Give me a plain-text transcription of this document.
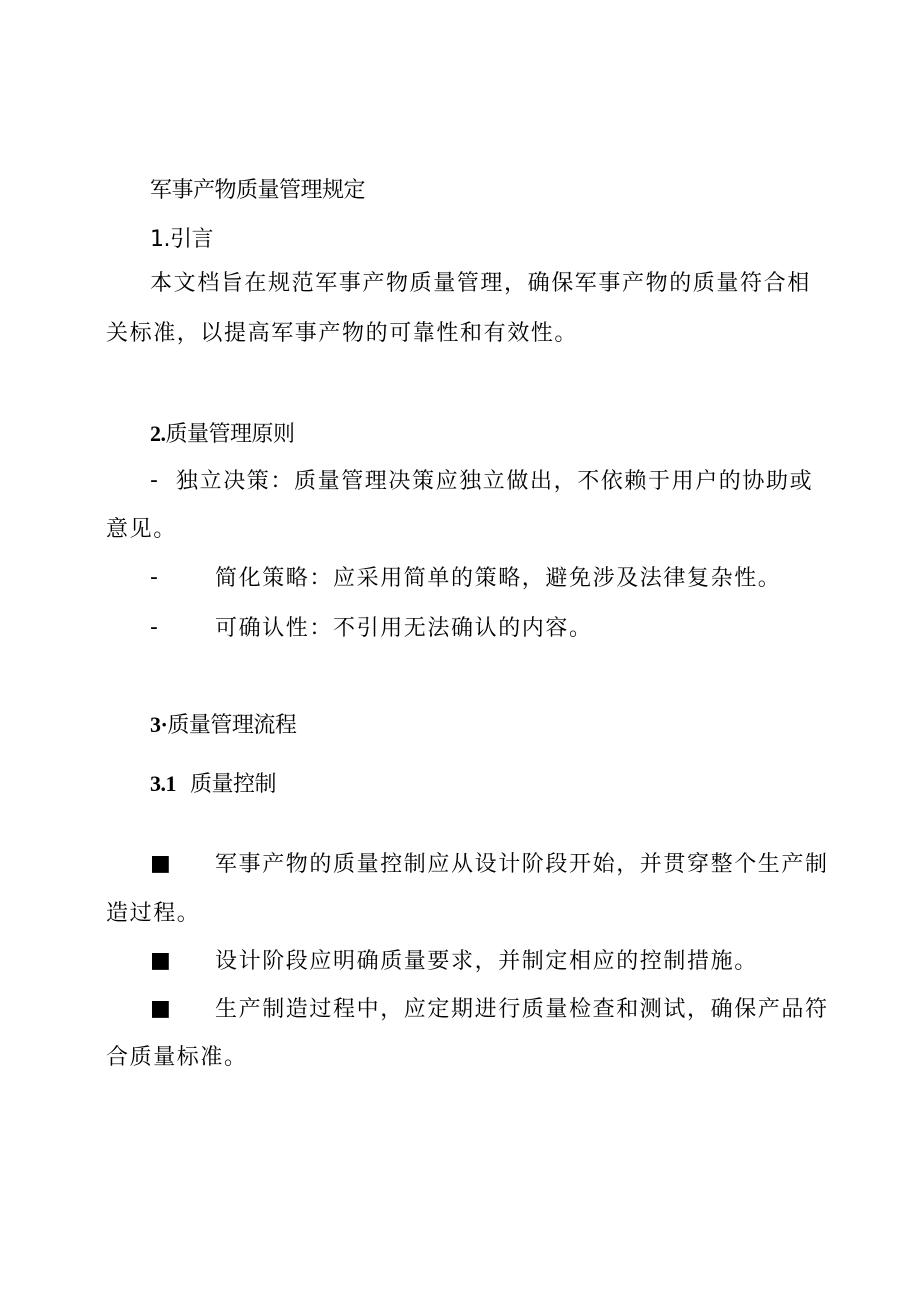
军事产物质量管理规定
1.引言
本文档旨在规范军事产物质量管理，确保军事产物的质量符合相
关标准，以提高军事产物的可靠性和有效性。
2.质量管理原则
- 独立决策：质量管理决策应独立做出，不依赖于用户的协助或
意见。
-	简化策略：应采用简单的策略，避免涉及法律复杂性。
-	可确认性：不引用无法确认的内容。
3·质量管理流程
3.1 质量控制
■ 军事产物的质量控制应从设计阶段开始，并贯穿整个生产制
造过程。
■ 设计阶段应明确质量要求，并制定相应的控制措施。
■ 生产制造过程中，应定期进行质量检查和测试，确保产品符
合质量标准。
